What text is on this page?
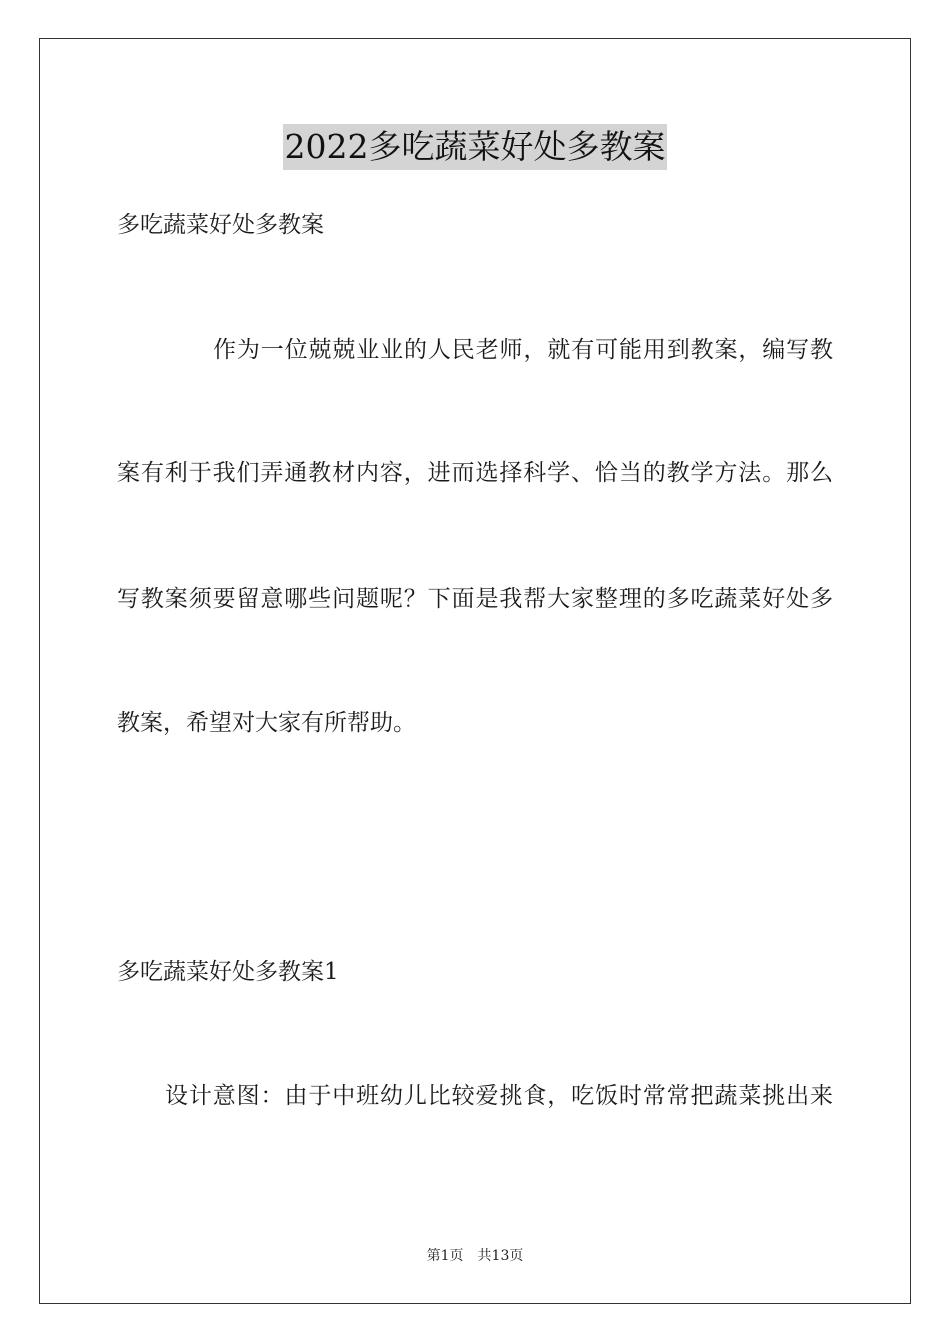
2022多吃蔬菜好处多教案
多吃蔬菜好处多教案
作为一位兢兢业业的人民老师，就有可能用到教案，编写教
案有利于我们弄通教材内容，进而选择科学、恰当的教学方法。那么
写教案须要留意哪些问题呢？下面是我帮大家整理的多吃蔬菜好处多
教案，希望对大家有所帮助。
多吃蔬菜好处多教案1
设计意图：由于中班幼儿比较爱挑食，吃饭时常常把蔬菜挑出来
第1页 共13页
